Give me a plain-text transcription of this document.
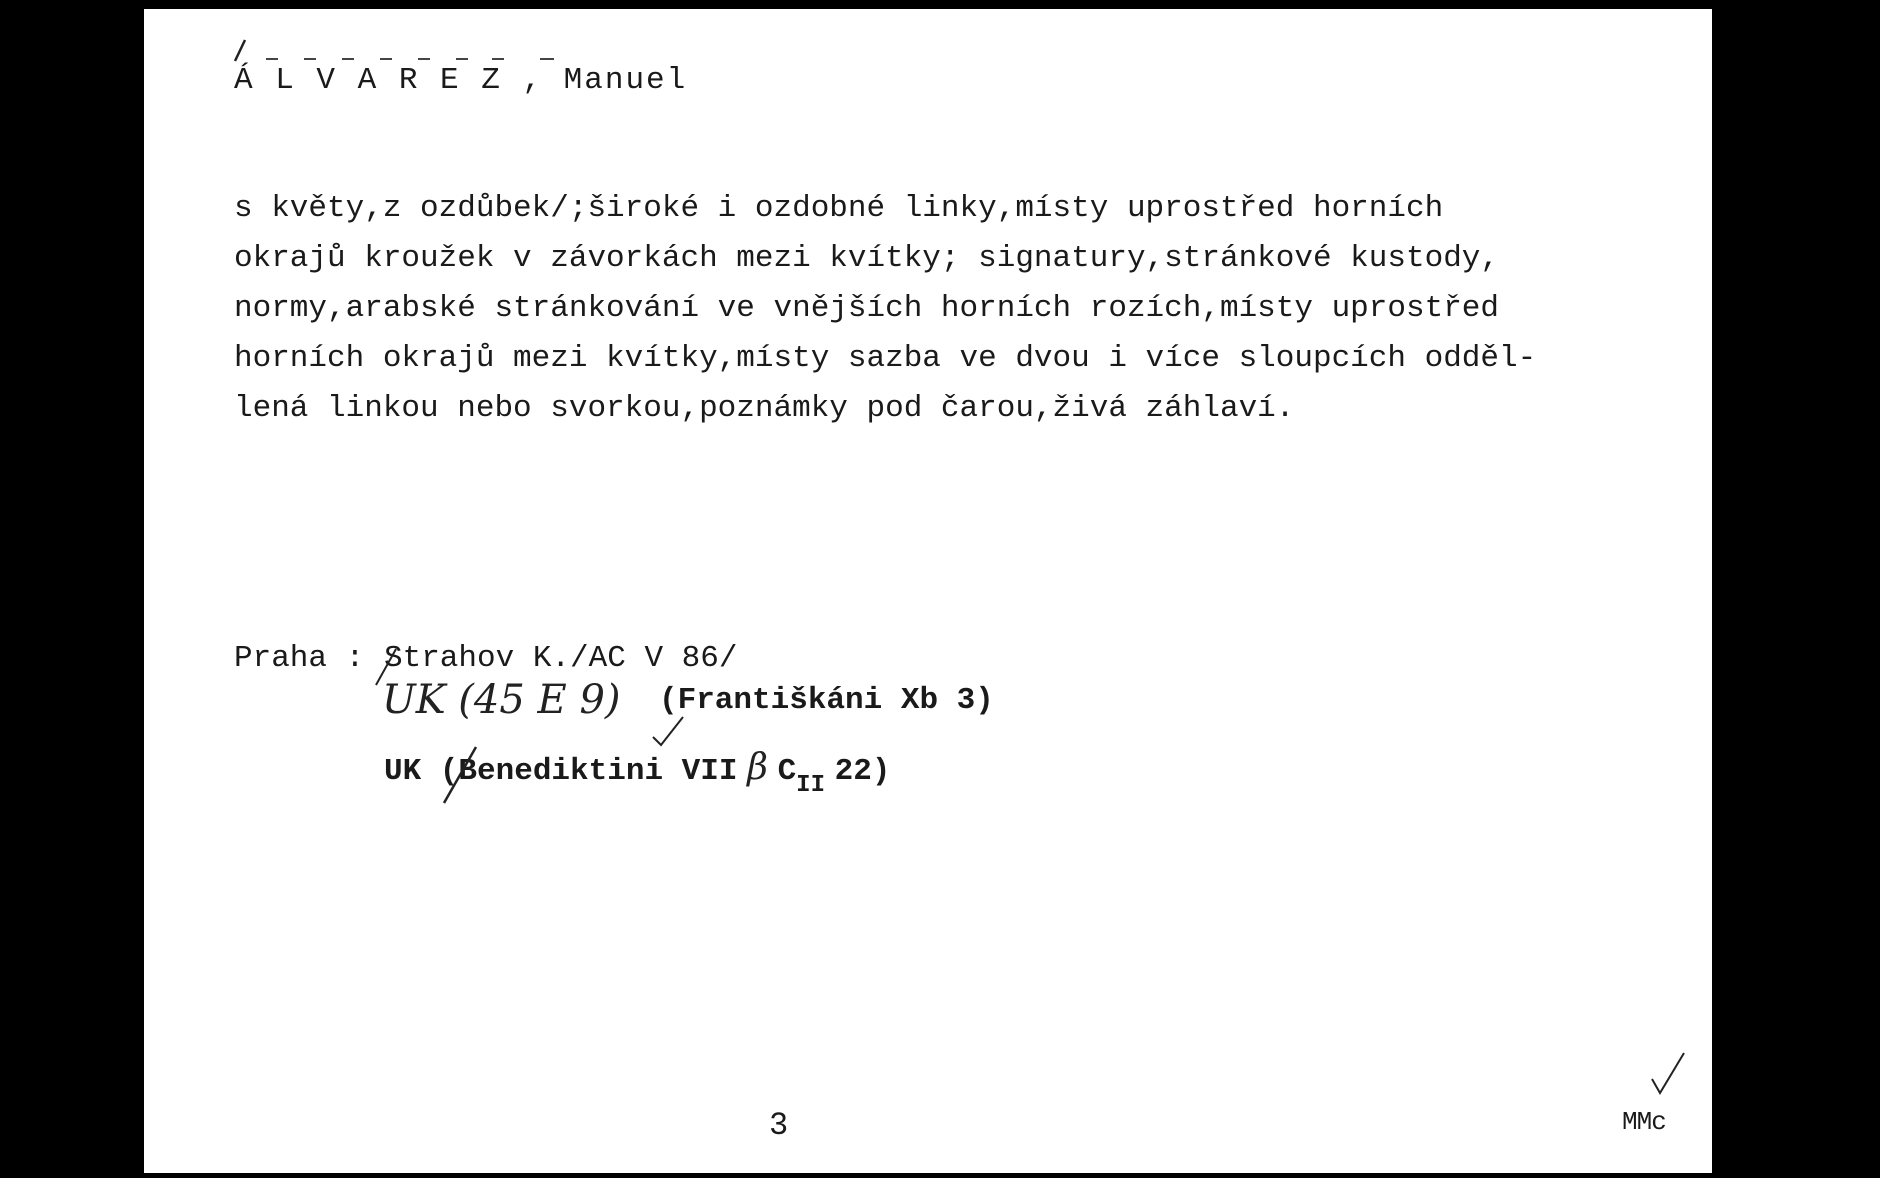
Á L V A R E Z , Manuel

s květy,z ozdůbek/;široké i ozdobné linky,místy uprostřed horních

okrajů kroužek v závorkách mezi kvítky; signatury,stránkové kustody,

normy,arabské stránkování ve vnějších horních rozích,místy uprostřed

horních okrajů mezi kvítky,místy sazba ve dvou i více sloupcích odděl-

lená linkou nebo svorkou,poznámky pod čarou,živá záhlaví.

Praha : Strahov K./AC V 86/

UK (45 E 9) (Františkáni Xb 3)

UK (Benediktini VII β CII 22)

3	MMc
